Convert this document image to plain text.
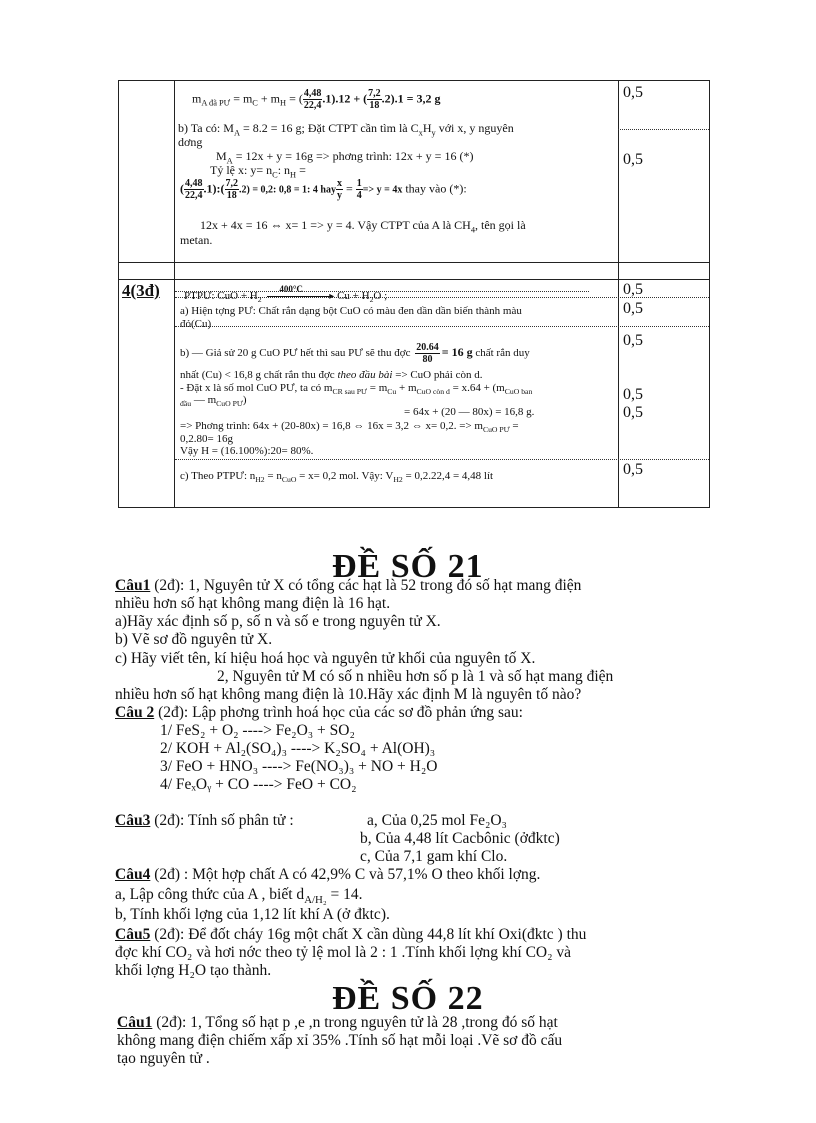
$m_{A đã PƯ} = m_C + m_H$ = ( $\frac{4,48}{22,4} .1).12$ + ( $\frac{7,2}{18} .2).1 = 3,2$ g
b) Ta có: $M_A = 8.2 = 16$ g; Đặt CTPT cần tìm là $C_xH_y$ với x, y nguyên
dơng
$M_A = 12x + y = 16g$ => phơng trình: 12x + y = 16 (*)
Tỷ lệ x: $y= n_C$: $n_H$ =
( $\frac{4,48}{22,4}$ .1):( $\frac{7,2}{18} .2) = 0,2$: 0,8 = 1: 4 hay $\frac{x}{y} = \frac{1}{4} => y = 4x$ thay vào (*):
12x + 4x = 16 ⇔ x= 1 => y = 4. Vậy CTPT của A là $CH_4$, tên gọi là
metan.
0,5
0,5
4(3đ) PTPƯ: CuO + $H_2$
400°C
▸ $Cu + H_2O$ ;
a) Hiện tợng PƯ: Chất rắn dạng bột CuO có màu đen dần dần biến thành màu
đỏ(Cu)
b) — Giả sử 20 g CuO PƯ hết thì sau PƯ sẽ thu đợc $\frac{20.64}{80} = 16$ g chất rắn duy
nhất (Cu) < 16,8 g chất rắn thu đợc theo đầu bài => CuO phải còn d.
- Đặt x là số mol CuO PƯ, ta có $m_{CR sau PƯ} = m_{Cu} + m_{CuO còn d} = x.64 + (m_{CuO ban}$
$_{đầu}$ — $m_{CuO PƯ}$)
= 64x + (20 — 80x) = 16,8 g.
=> Phơng trình: 64x + (20-80x) = 16,8 ⇔ 16x = 3,2 ⇔ x= 0,2. => $m_{CuO PƯ}$ =
0,2.80= 16g
Vậy H = (16.100%):20= 80%.
c) Theo PTPƯ: $n_{H2} = n_{CuO} = x= 0,2$ mol. Vậy: $V_{H2} = 0,2.22,4 = 4,48$ lít
0,5
0,5
0,5
0,5
0,5
0,5
ĐỀ SỐ 21
Câu1 (2đ): 1, Nguyên tử X có tổng các hạt là 52 trong đó số hạt mang điện
nhiều hơn số hạt không mang điện là 16 hạt.
a)Hãy xác định số p, số n và số e trong nguyên tử X.
b) Vẽ sơ đồ nguyên tử X.
c) Hãy viết tên, kí hiệu hoá học và nguyên tử khối của nguyên tố X.
2, Nguyên tử M có số n nhiều hơn số p là 1 và số hạt mang điện
nhiều hơn số hạt không mang điện là 10.Hãy xác định M là nguyên tố nào?
Câu 2 (2đ): Lập phơng trình hoá học của các sơ đồ phản ứng sau:
1/ FeS₂ + O₂ ----> Fe₂O₃ + SO₂
2/ KOH + Al₂(SO₄)₃ ----> K₂SO₄ + Al(OH)₃
3/ FeO + HNO₃ ----> Fe(NO₃)₃ + NO + H₂O
4/ FeₓOᵧ + CO ----> FeO + CO₂
Câu3 (2đ): Tính số phân tử :	a, Của 0,25 mol Fe₂O₃
b, Của 4,48 lít Cacbônic (ởđktc)
c, Của 7,1 gam khí Clo.
Câu4 (2đ) : Một hợp chất A có 42,9% C và 57,1% O theo khối lợng.
a, Lập công thức của A , biết $d_{A/H_2} = 14$.
b, Tính khối lợng của 1,12 lít khí A (ở đktc).
Câu5 (2đ): Để đốt cháy 16g một chất X cần dùng 44,8 lít khí Oxi(đktc ) thu
đợc khí CO₂ và hơi nớc theo tỷ lệ mol là 2 : 1 .Tính khối lợng khí CO₂ và
khối lợng H₂O tạo thành.
ĐỀ SỐ 22
Câu1 (2đ): 1, Tổng số hạt p ,e ,n trong nguyên tử là 28 ,trong đó số hạt
không mang điện chiếm xấp xỉ 35% .Tính số hạt mỗi loại .Vẽ sơ đồ cấu
tạo nguyên tử .
